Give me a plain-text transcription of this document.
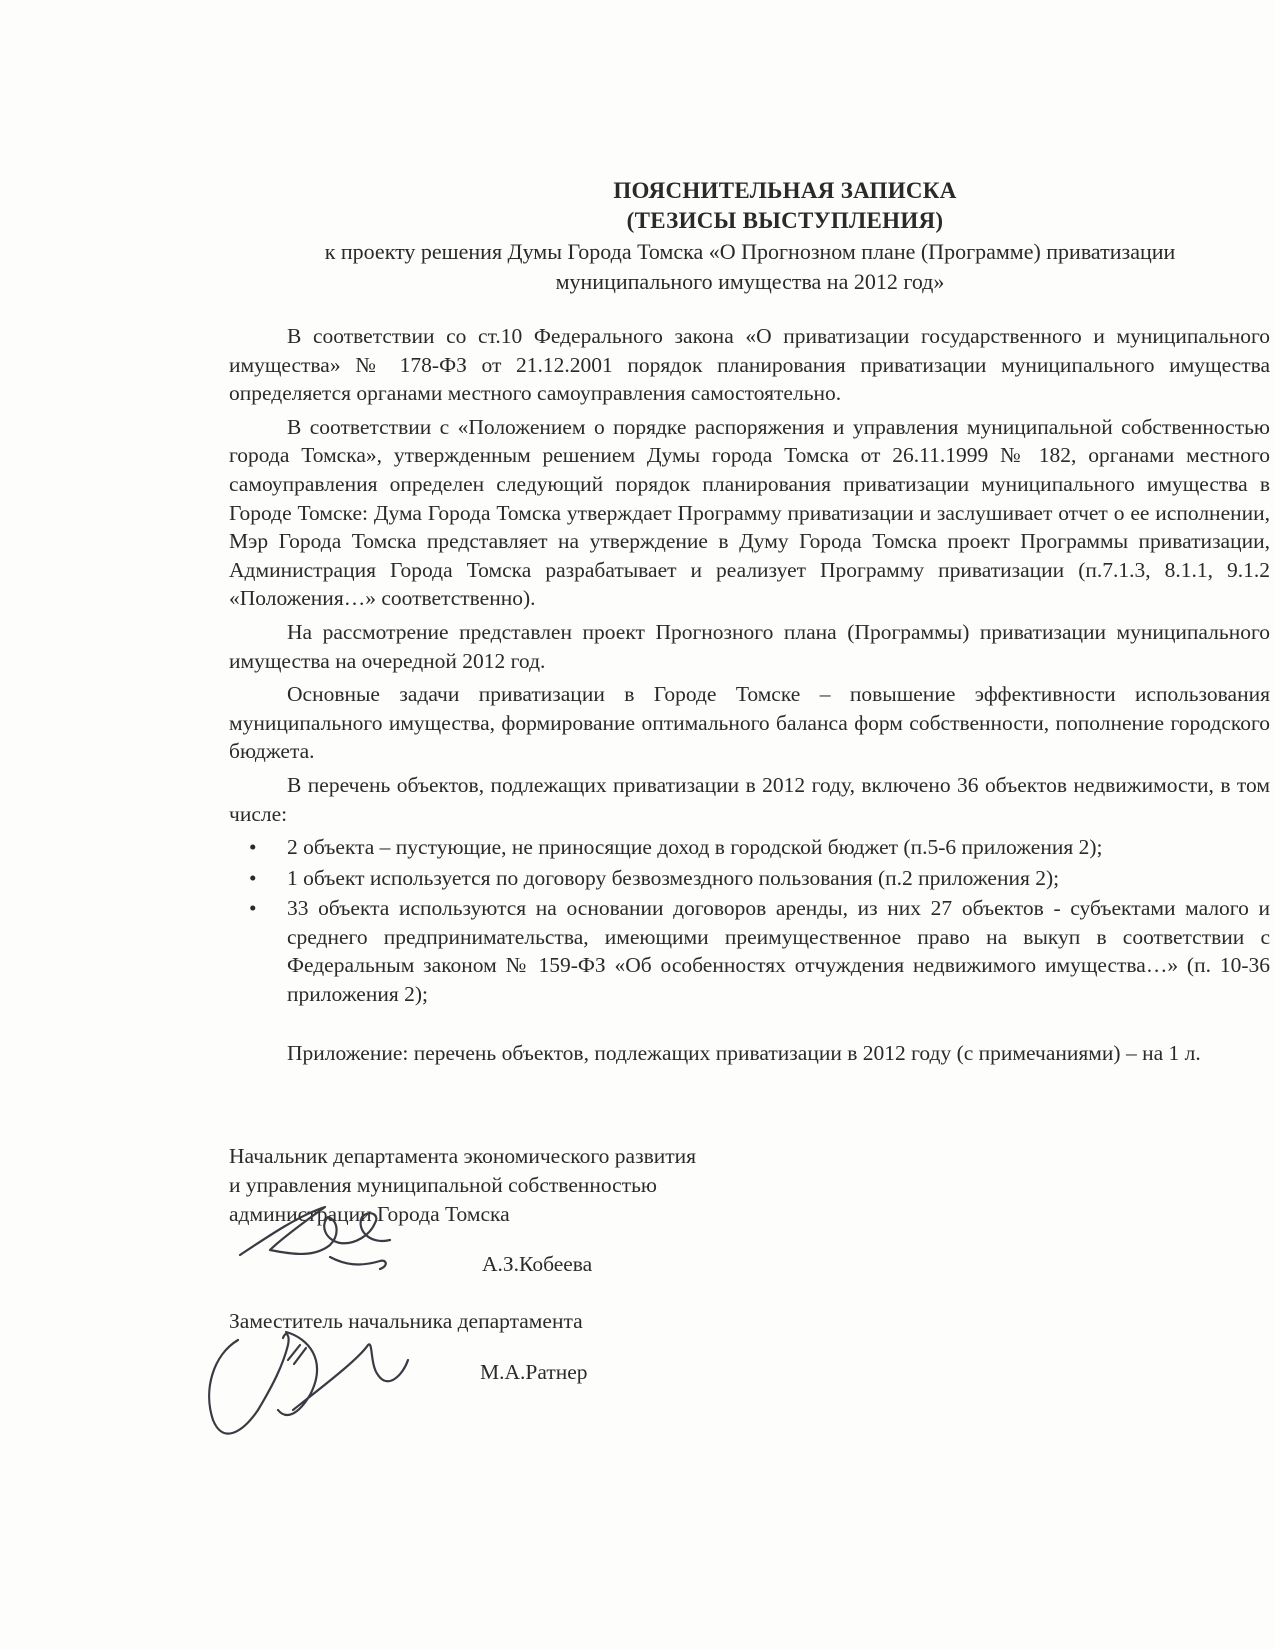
ПОЯСНИТЕЛЬНАЯ ЗАПИСКА
(ТЕЗИСЫ ВЫСТУПЛЕНИЯ)
к проекту решения Думы Города Томска «О Прогнозном плане (Программе) приватизации
муниципального имущества на 2012 год»

В соответствии со ст.10 Федерального закона «О приватизации государственного и муниципального имущества» № 178-ФЗ от 21.12.2001 порядок планирования приватизации муниципального имущества определяется органами местного самоуправления самостоятельно.

В соответствии с «Положением о порядке распоряжения и управления муниципальной собственностью города Томска», утвержденным решением Думы города Томска от 26.11.1999 № 182, органами местного самоуправления определен следующий порядок планирования приватизации муниципального имущества в Городе Томске: Дума Города Томска утверждает Программу приватизации и заслушивает отчет о ее исполнении, Мэр Города Томска представляет на утверждение в Думу Города Томска проект Программы приватизации, Администрация Города Томска разрабатывает и реализует Программу приватизации (п.7.1.3, 8.1.1, 9.1.2 «Положения…» соответственно).

На рассмотрение представлен проект Прогнозного плана (Программы) приватизации муниципального имущества на очередной 2012 год.

Основные задачи приватизации в Городе Томске – повышение эффективности использования муниципального имущества, формирование оптимального баланса форм собственности, пополнение городского бюджета.

В перечень объектов, подлежащих приватизации в 2012 году, включено 36 объектов недвижимости, в том числе:

• 2 объекта – пустующие, не приносящие доход в городской бюджет (п.5-6 приложения 2);
• 1 объект используется по договору безвозмездного пользования (п.2 приложения 2);
• 33 объекта используются на основании договоров аренды, из них 27 объектов - субъектами малого и среднего предпринимательства, имеющими преимущественное право на выкуп в соответствии с Федеральным законом № 159-ФЗ «Об особенностях отчуждения недвижимого имущества…» (п. 10-36 приложения 2);

Приложение: перечень объектов, подлежащих приватизации в 2012 году (с примечаниями) – на 1 л.

Начальник департамента экономического развития
и управления муниципальной собственностью
администрации Города Томска
А.З.Кобеева
Заместитель начальника департамента
М.А.Ратнер
